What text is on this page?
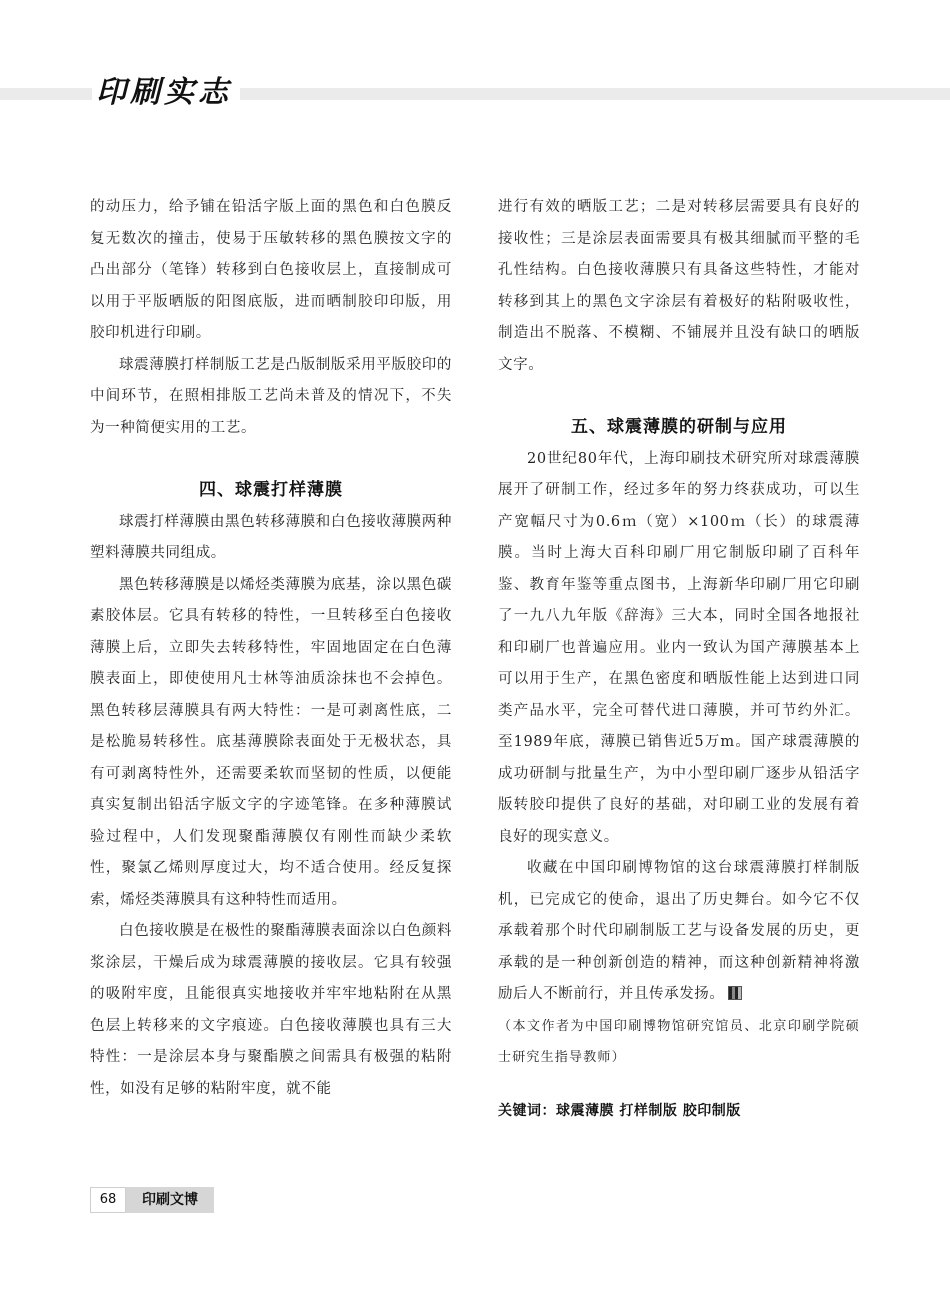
印刷实志

的动压力，给予铺在铅活字版上面的黑色和白色膜反复无数次的撞击，使易于压敏转移的黑色膜按文字的凸出部分（笔锋）转移到白色接收层上，直接制成可以用于平版晒版的阳图底版，进而晒制胶印印版，用胶印机进行印刷。

球震薄膜打样制版工艺是凸版制版采用平版胶印的中间环节，在照相排版工艺尚未普及的情况下，不失为一种简便实用的工艺。

四、球震打样薄膜

球震打样薄膜由黑色转移薄膜和白色接收薄膜两种塑料薄膜共同组成。

黑色转移薄膜是以烯烃类薄膜为底基，涂以黑色碳素胶体层。它具有转移的特性，一旦转移至白色接收薄膜上后，立即失去转移特性，牢固地固定在白色薄膜表面上，即使使用凡士林等油质涂抹也不会掉色。黑色转移层薄膜具有两大特性：一是可剥离性底，二是松脆易转移性。底基薄膜除表面处于无极状态，具有可剥离特性外，还需要柔软而坚韧的性质，以便能真实复制出铅活字版文字的字迹笔锋。在多种薄膜试验过程中，人们发现聚酯薄膜仅有刚性而缺少柔软性，聚氯乙烯则厚度过大，均不适合使用。经反复探索，烯烃类薄膜具有这种特性而适用。

白色接收膜是在极性的聚酯薄膜表面涂以白色颜料浆涂层，干燥后成为球震薄膜的接收层。它具有较强的吸附牢度，且能很真实地接收并牢牢地粘附在从黑色层上转移来的文字痕迹。白色接收薄膜也具有三大特性：一是涂层本身与聚酯膜之间需具有极强的粘附性，如没有足够的粘附牢度，就不能

进行有效的晒版工艺；二是对转移层需要具有良好的接收性；三是涂层表面需要具有极其细腻而平整的毛孔性结构。白色接收薄膜只有具备这些特性，才能对转移到其上的黑色文字涂层有着极好的粘附吸收性，制造出不脱落、不模糊、不铺展并且没有缺口的晒版文字。

五、球震薄膜的研制与应用

20世纪80年代，上海印刷技术研究所对球震薄膜展开了研制工作，经过多年的努力终获成功，可以生产宽幅尺寸为0.6ｍ（宽）×100ｍ（长）的球震薄膜。当时上海大百科印刷厂用它制版印刷了百科年鉴、教育年鉴等重点图书，上海新华印刷厂用它印刷了一九八九年版《辞海》三大本，同时全国各地报社和印刷厂也普遍应用。业内一致认为国产薄膜基本上可以用于生产，在黑色密度和晒版性能上达到进口同类产品水平，完全可替代进口薄膜，并可节约外汇。至1989年底，薄膜已销售近5万m。国产球震薄膜的成功研制与批量生产，为中小型印刷厂逐步从铅活字版转胶印提供了良好的基础，对印刷工业的发展有着良好的现实意义。

收藏在中国印刷博物馆的这台球震薄膜打样制版机，已完成它的使命，退出了历史舞台。如今它不仅承载着那个时代印刷制版工艺与设备发展的历史，更承载的是一种创新创造的精神，而这种创新精神将激励后人不断前行，并且传承发扬。

（本文作者为中国印刷博物馆研究馆员、北京印刷学院硕士研究生指导教师）

关键词：球震薄膜 打样制版 胶印制版

68	印刷文博
